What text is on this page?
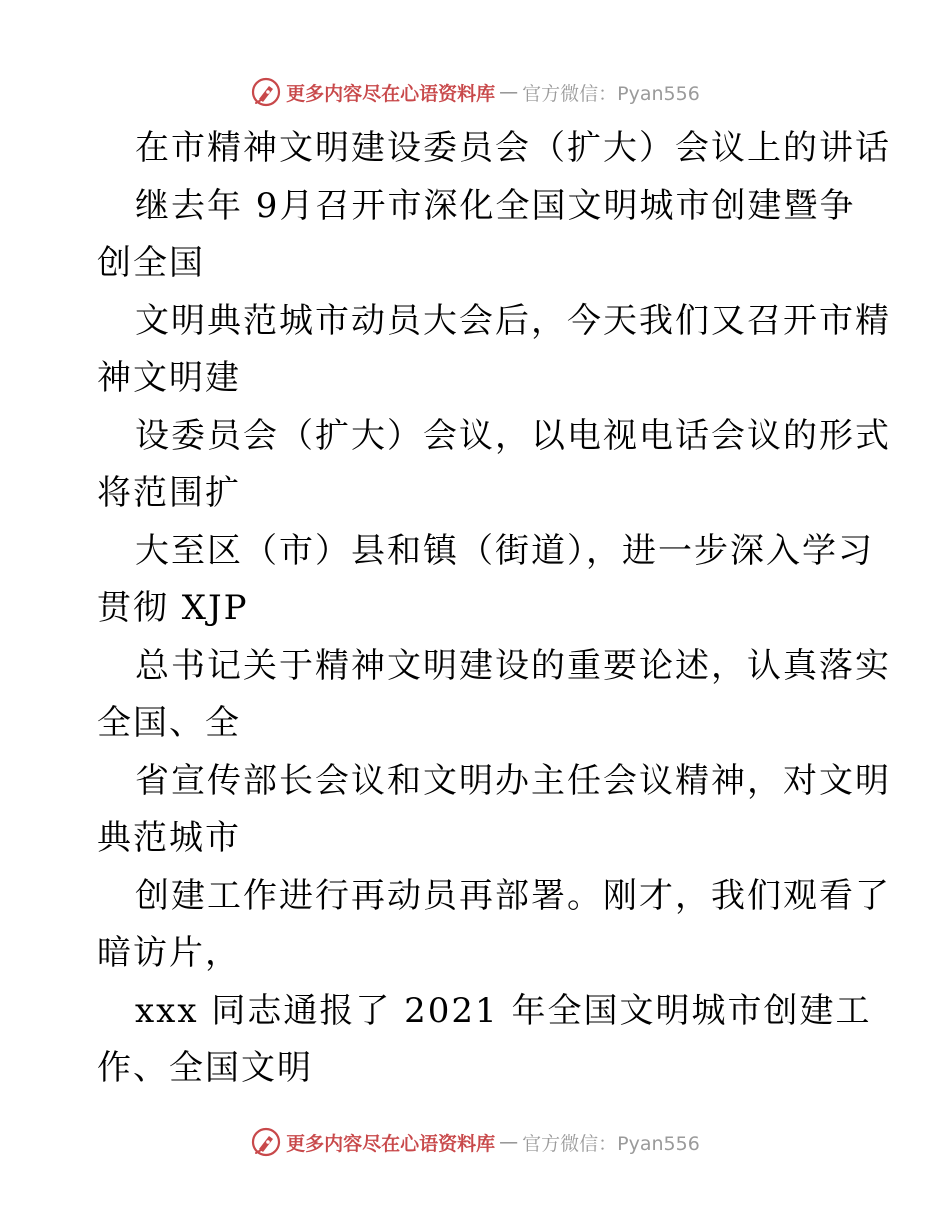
更多内容尽在心语资料库 — 官方微信：Pyan556
在市精神文明建设委员会（扩大）会议上的讲话
继去年 9月召开市深化全国文明城市创建暨争
创全国
文明典范城市动员大会后，今天我们又召开市精
神文明建
设委员会（扩大）会议，以电视电话会议的形式
将范围扩
大至区（市）县和镇（街道），进一步深入学习
贯彻 XJP
总书记关于精神文明建设的重要论述，认真落实
全国、全
省宣传部长会议和文明办主任会议精神，对文明
典范城市
创建工作进行再动员再部署。刚才，我们观看了
暗访片，
xxx 同志通报了 2021 年全国文明城市创建工
作、全国文明
更多内容尽在心语资料库 — 官方微信：Pyan556
